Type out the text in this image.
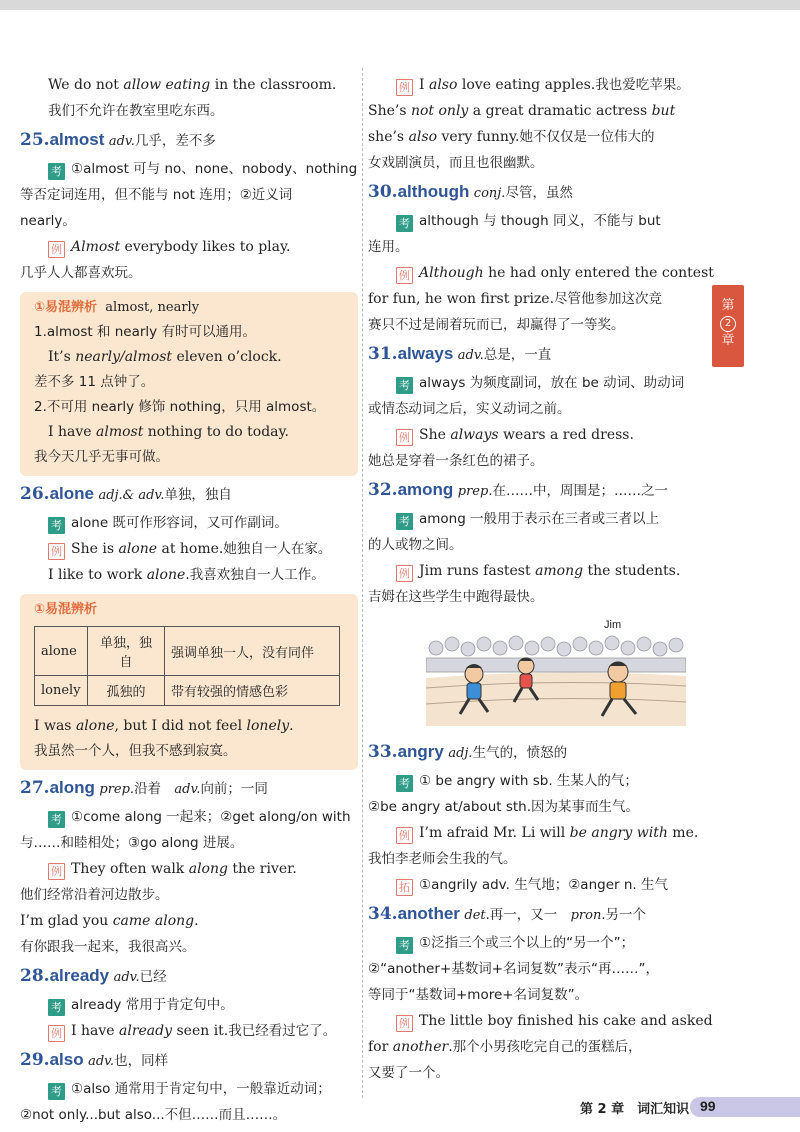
We do not allow eating in the classroom.
我们不允许在教室里吃东西。
25.almost adv.几乎，差不多
考 ①almost 可与 no、none、nobody、nothing
等否定词连用，但不能与 not 连用；②近义词
nearly。
例 Almost everybody likes to play.
几乎人人都喜欢玩。
①易混辨析 almost, nearly
1.almost 和 nearly 有时可以通用。
It’s nearly/almost eleven o’clock.
差不多 11 点钟了。
2.不可用 nearly 修饰 nothing，只用 almost。
I have almost nothing to do today.
我今天几乎无事可做。
26.alone adj.& adv.单独，独自
考 alone 既可作形容词，又可作副词。
例 She is alone at home.她独自一人在家。
I like to work alone.我喜欢独自一人工作。
①易混辨析
alone	单独，独自	强调单独一人，没有同伴
lonely	孤独的	带有较强的情感色彩
I was alone, but I did not feel lonely.
我虽然一个人，但我不感到寂寞。
27.along prep.沿着 adv.向前；一同
考 ①come along 一起来；②get along/on with
与……和睦相处；③go along 进展。
例 They often walk along the river.
他们经常沿着河边散步。
I’m glad you came along.
有你跟我一起来，我很高兴。
28.already adv.已经
考 already 常用于肯定句中。
例 I have already seen it.我已经看过它了。
29.also adv.也，同样
考 ①also 通常用于肯定句中，一般靠近动词；
②not only...but also...不但……而且……。
例 I also love eating apples.我也爱吃苹果。
She’s not only a great dramatic actress but
she’s also very funny.她不仅仅是一位伟大的
女戏剧演员，而且也很幽默。
30.although conj.尽管，虽然
考 although 与 though 同义，不能与 but
连用。
例 Although he had only entered the contest
for fun, he won first prize.尽管他参加这次竞
赛只不过是闹着玩而已，却赢得了一等奖。
31.always adv.总是，一直
考 always 为频度副词，放在 be 动词、助动词
或情态动词之后，实义动词之前。
例 She always wears a red dress.
她总是穿着一条红色的裙子。
32.among prep.在……中，周围是；……之一
考 among 一般用于表示在三者或三者以上
的人或物之间。
例 Jim runs fastest among the students.
吉姆在这些学生中跑得最快。
Jim
33.angry adj.生气的，愤怒的
考 ① be angry with sb. 生某人的气；
②be angry at/about sth.因为某事而生气。
例 I’m afraid Mr. Li will be angry with me.
我怕李老师会生我的气。
拓 ①angrily adv. 生气地；②anger n. 生气
34.another det.再一，又一 pron.另一个
考 ①泛指三个或三个以上的“另一个”；
②“another+基数词+名词复数”表示“再……”，
等同于“基数词+more+名词复数”。
例 The little boy finished his cake and asked
for another.那个小男孩吃完自己的蛋糕后，
又要了一个。
第
2
章
第 2 章　词汇知识 99
